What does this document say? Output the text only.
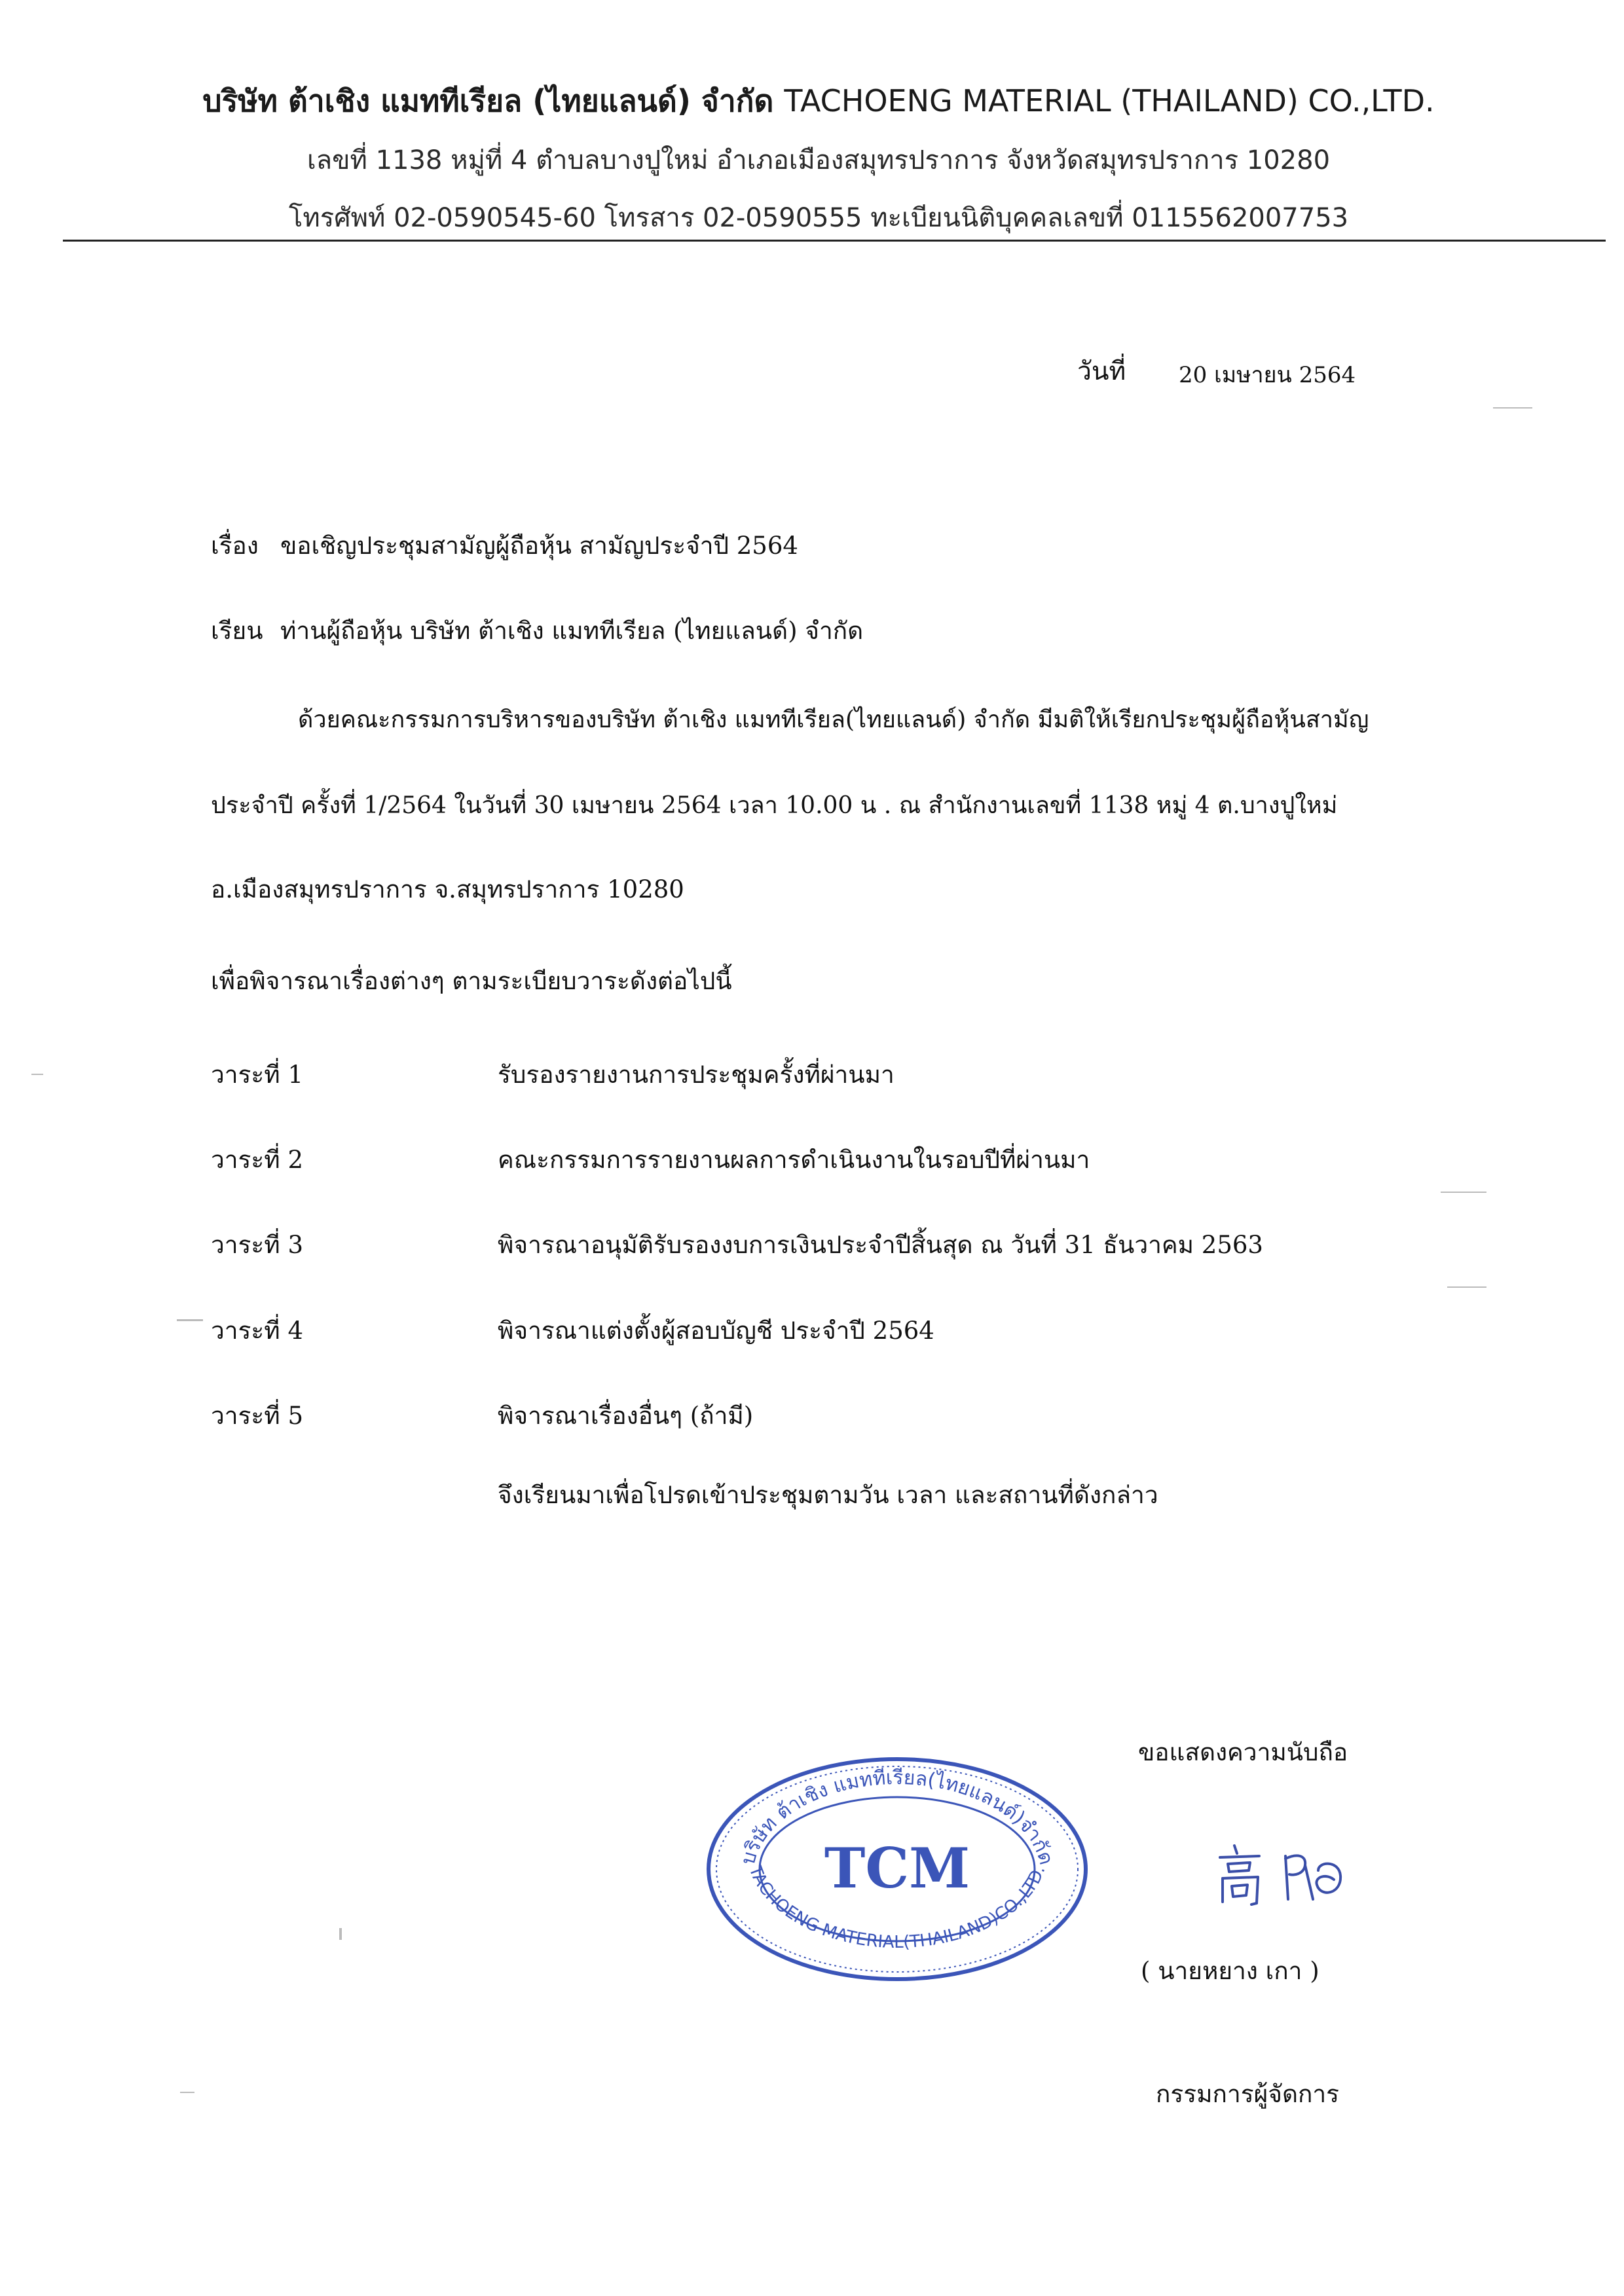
บริษัท ต้าเชิง แมททีเรียล (ไทยแลนด์) จำกัด TACHOENG MATERIAL (THAILAND) CO.,LTD.
เลขที่ 1138 หมู่ที่ 4 ตำบลบางปูใหม่ อำเภอเมืองสมุทรปราการ จังหวัดสมุทรปราการ 10280
โทรศัพท์ 02-0590545-60 โทรสาร 02-0590555 ทะเบียนนิติบุคคลเลขที่ 0115562007753
วันที่ 20 เมษายน 2564
เรื่อง ขอเชิญประชุมสามัญผู้ถือหุ้น สามัญประจำปี 2564
เรียน ท่านผู้ถือหุ้น บริษัท ต้าเชิง แมททีเรียล (ไทยแลนด์) จำกัด
ด้วยคณะกรรมการบริหารของบริษัท ต้าเชิง แมททีเรียล(ไทยแลนด์) จำกัด มีมติให้เรียกประชุมผู้ถือหุ้นสามัญ
ประจำปี ครั้งที่ 1/2564 ในวันที่ 30 เมษายน 2564 เวลา 10.00 น . ณ สำนักงานเลขที่ 1138 หมู่ 4 ต.บางปูใหม่
อ.เมืองสมุทรปราการ จ.สมุทรปราการ 10280
เพื่อพิจารณาเรื่องต่างๆ ตามระเบียบวาระดังต่อไปนี้
วาระที่ 1	รับรองรายงานการประชุมครั้งที่ผ่านมา
วาระที่ 2	คณะกรรมการรายงานผลการดำเนินงานในรอบปีที่ผ่านมา
วาระที่ 3	พิจารณาอนุมัติรับรองงบการเงินประจำปีสิ้นสุด ณ วันที่ 31 ธันวาคม 2563
วาระที่ 4	พิจารณาแต่งตั้งผู้สอบบัญชี ประจำปี 2564
วาระที่ 5	พิจารณาเรื่องอื่นๆ (ถ้ามี)
จึงเรียนมาเพื่อโปรดเข้าประชุมตามวัน เวลา และสถานที่ดังกล่าว
ขอแสดงความนับถือ
บริษัท ต้าเชิง แมททีเรียล(ไทยแลนด์)จำกัด
TACHOENG MATERIAL(THAILAND)CO.,LTD.
TCM
( นายหยาง เกา )
กรรมการผู้จัดการ
